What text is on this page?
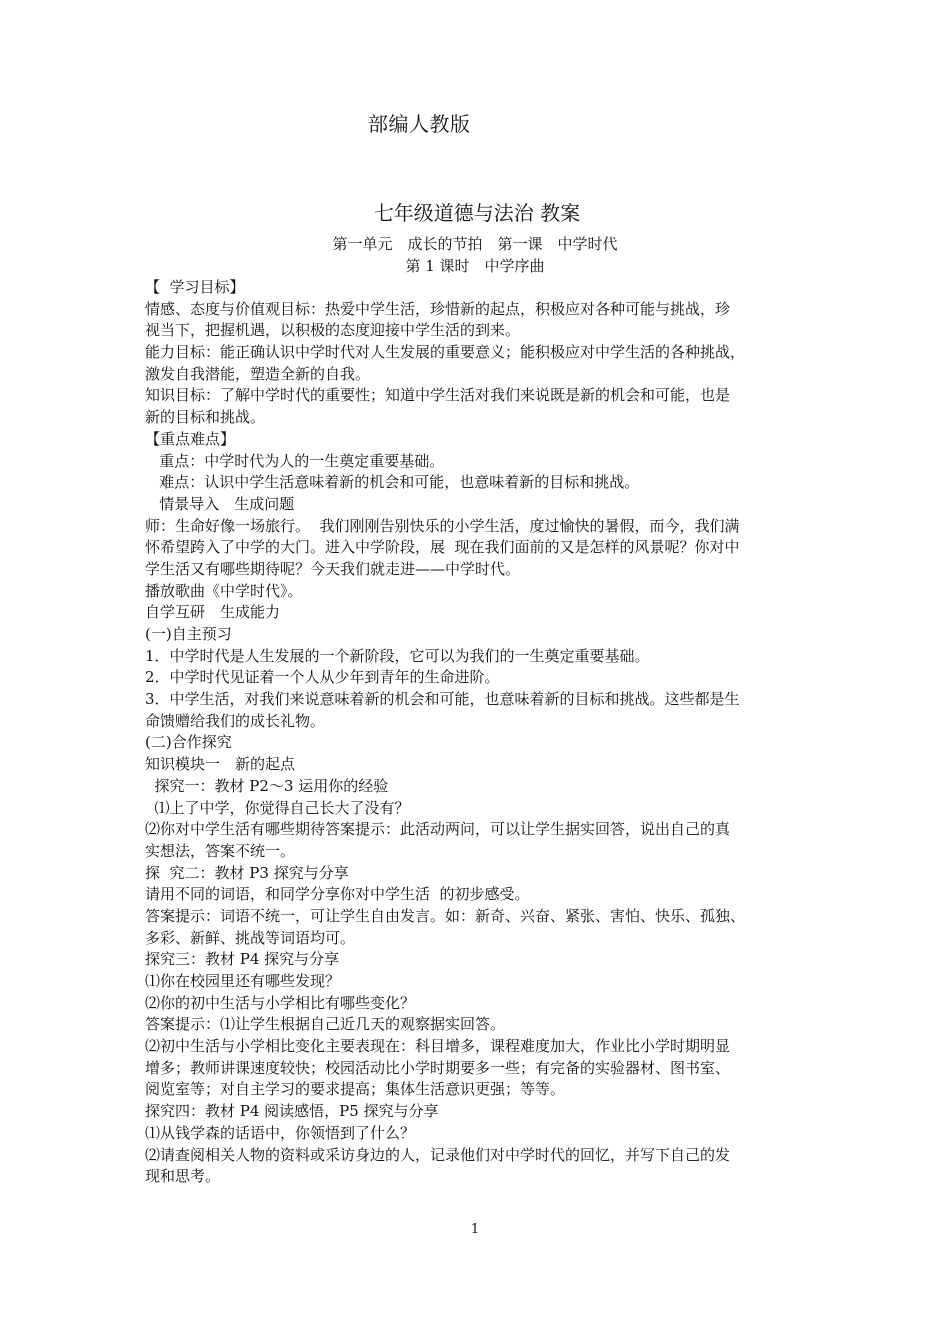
部编人教版
七年级道德与法治 教案
第一单元　成长的节拍　第一课　中学时代
第 1 课时　中学序曲
【  学习目标】
情感、态度与价值观目标：热爱中学生活，珍惜新的起点，积极应对各种可能与挑战，珍
视当下，把握机遇，以积极的态度迎接中学生活的到来。
能力目标：能正确认识中学时代对人生发展的重要意义；能积极应对中学生活的各种挑战，
激发自我潜能，塑造全新的自我。
知识目标：了解中学时代的重要性；知道中学生活对我们来说既是新的机会和可能，也是
新的目标和挑战。
【重点难点】
重点：中学时代为人的一生奠定重要基础。
难点：认识中学生活意味着新的机会和可能，也意味着新的目标和挑战。
情景导入　生成问题
师：生命好像一场旅行。  我们刚刚告别快乐的小学生活，度过愉快的暑假，而今，我们满
怀希望跨入了中学的大门。进入中学阶段，展  现在我们面前的又是怎样的风景呢？你对中
学生活又有哪些期待呢？今天我们就走进——中学时代。
播放歌曲《中学时代》。
自学互研　生成能力
(一)自主预习
1．中学时代是人生发展的一个新阶段，它可以为我们的一生奠定重要基础。
2．中学时代见证着一个人从少年到青年的生命进阶。
3．中学生活，对我们来说意味着新的机会和可能，也意味着新的目标和挑战。这些都是生
命馈赠给我们的成长礼物。
(二)合作探究
知识模块一　新的起点
探究一：教材 P2～3 运用你的经验
⑴上了中学，你觉得自己长大了没有？
⑵你对中学生活有哪些期待答案提示：此活动两问，可以让学生据实回答，说出自己的真
实想法，答案不统一。
探  究二：教材 P3 探究与分享
请用不同的词语，和同学分享你对中学生活  的初步感受。
答案提示：词语不统一，可让学生自由发言。如：新奇、兴奋、紧张、害怕、快乐、孤独、
多彩、新鲜、挑战等词语均可。
探究三：教材 P4 探究与分享
⑴你在校园里还有哪些发现？
⑵你的初中生活与小学相比有哪些变化？
答案提示：⑴让学生根据自己近几天的观察据实回答。
⑵初中生活与小学相比变化主要表现在：科目增多，课程难度加大，作业比小学时期明显
增多；教师讲课速度较快；校园活动比小学时期要多一些；有完备的实验器材、图书室、
阅览室等；对自主学习的要求提高；集体生活意识更强；等等。
探究四：教材 P4 阅读感悟，P5 探究与分享
⑴从钱学森的话语中，你领悟到了什么？
⑵请查阅相关人物的资料或采访身边的人，记录他们对中学时代的回忆，并写下自己的发
现和思考。
1
